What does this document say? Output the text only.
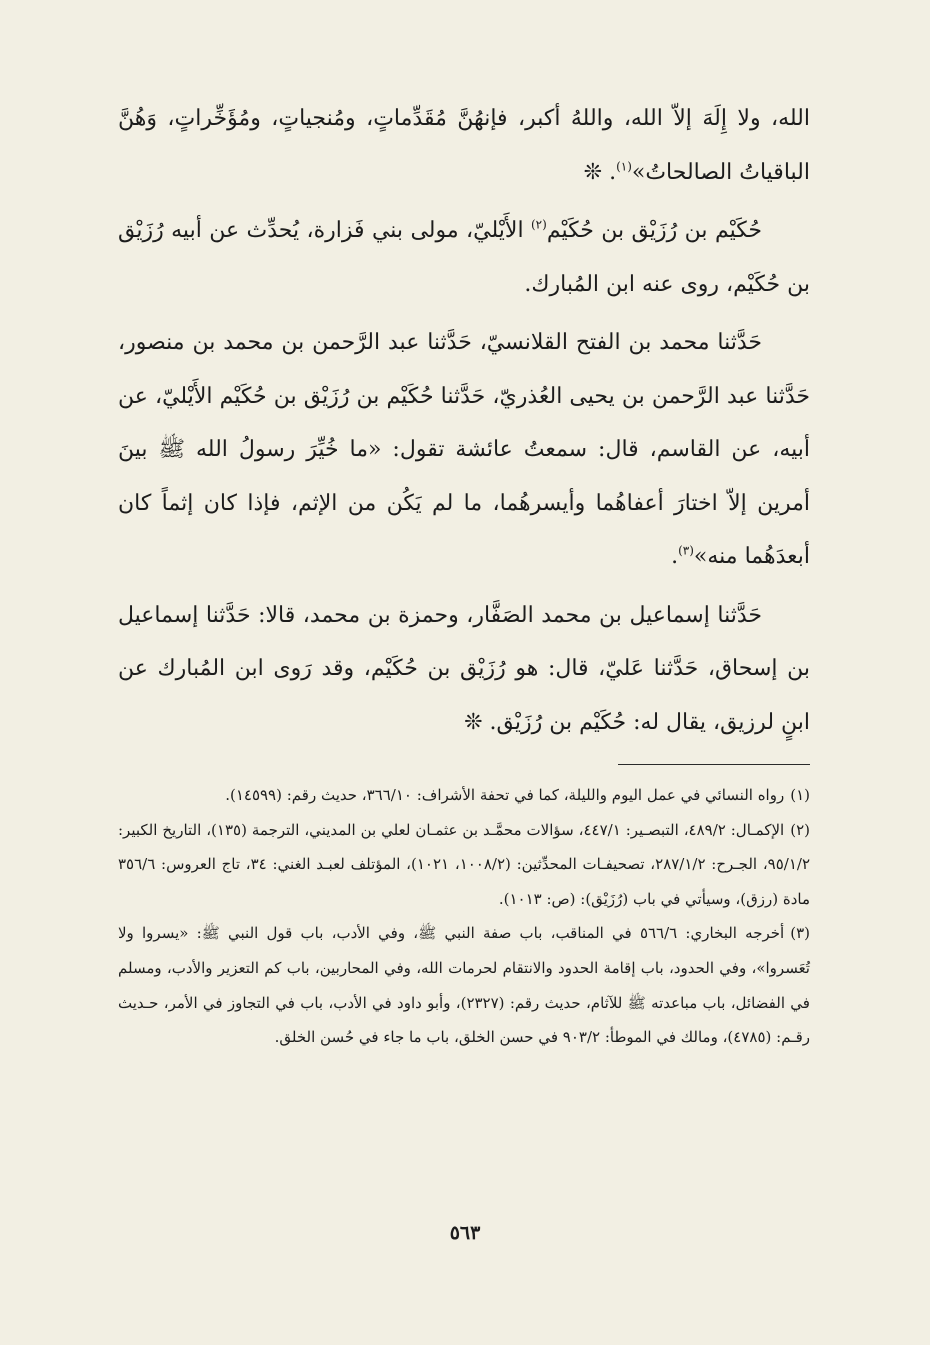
الله، ولا إِلَهَ إلاّ الله، واللهُ أكبر، فإنهُنَّ مُقَدِّماتٍ، ومُنجياتٍ، ومُؤَخِّراتٍ، وَهُنَّ الباقياتُ الصالحاتُ»$^{(١)}$. ❊

حُكَيْم بن رُزَيْق بن حُكَيْم$^{(٢)}$ الأَيْليّ، مولى بني فَزارة، يُحدِّث عن أبيه رُزَيْق بن حُكَيْم، روى عنه ابن المُبارك.

حَدَّثنا محمد بن الفتح القلانسيّ، حَدَّثنا عبد الرَّحمن بن محمد بن منصور، حَدَّثنا عبد الرَّحمن بن يحيى العُذريّ، حَدَّثنا حُكَيْم بن رُزَيْق بن حُكَيْم الأَيْليّ، عن أبيه، عن القاسم، قال: سمعتُ عائشة تقول: «ما خُيِّرَ رسولُ الله ﷺ بينَ أمرين إلاّ اختارَ أعفاهُما وأيسرهُما، ما لم يَكُن من الإثم، فإذا كان إثماً كان أبعدَهُما منه»$^{(٣)}$.

حَدَّثنا إسماعيل بن محمد الصَفَّار، وحمزة بن محمد، قالا: حَدَّثنا إسماعيل بن إسحاق، حَدَّثنا عَليّ، قال: هو رُزَيْق بن حُكَيْم، وقد رَوى ابن المُبارك عن ابنٍ لرزيق، يقال له: حُكَيْم بن رُزَيْق. ❊

(١)رواه النسائي في عمل اليوم والليلة، كما في تحفة الأشراف: ٣٦٦/١٠، حديث رقم: (١٤٥٩٩).

(٢)الإكمـال: ٤٨٩/٢، التبصـير: ٤٤٧/١، سؤالات محمَّـد بن عثمـان لعلي بن المديني، الترجمة (١٣٥)، التاريخ الكبير: ٩٥/١/٢، الجـرح: ٢٨٧/١/٢، تصحيفـات المحدِّثين: (١٠٠٨/٢، ١٠٢١)، المؤتلف لعبـد الغني: ٣٤، تاج العروس: ٣٥٦/٦ مادة (رزق)، وسيأتي في باب (رُزَيْق): (ص: ١٠١٣).

(٣)أخرجه البخاري: ٥٦٦/٦ في المناقب، باب صفة النبي ﷺ، وفي الأدب، باب قول النبي ﷺ: «يسروا ولا تُعَسروا»، وفي الحدود، باب إقامة الحدود والانتقام لحرمات الله، وفي المحاربين، باب كم التعزير والأدب، ومسلم في الفضائل، باب مباعدته ﷺ للآثام، حديث رقم: (٢٣٢٧)، وأبو داود في الأدب، باب في التجاوز في الأمر، حـديث رقـم: (٤٧٨٥)، ومالك في الموطأ: ٩٠٣/٢ في حسن الخلق، باب ما جاء في حُسن الخلق.

٥٦٣
